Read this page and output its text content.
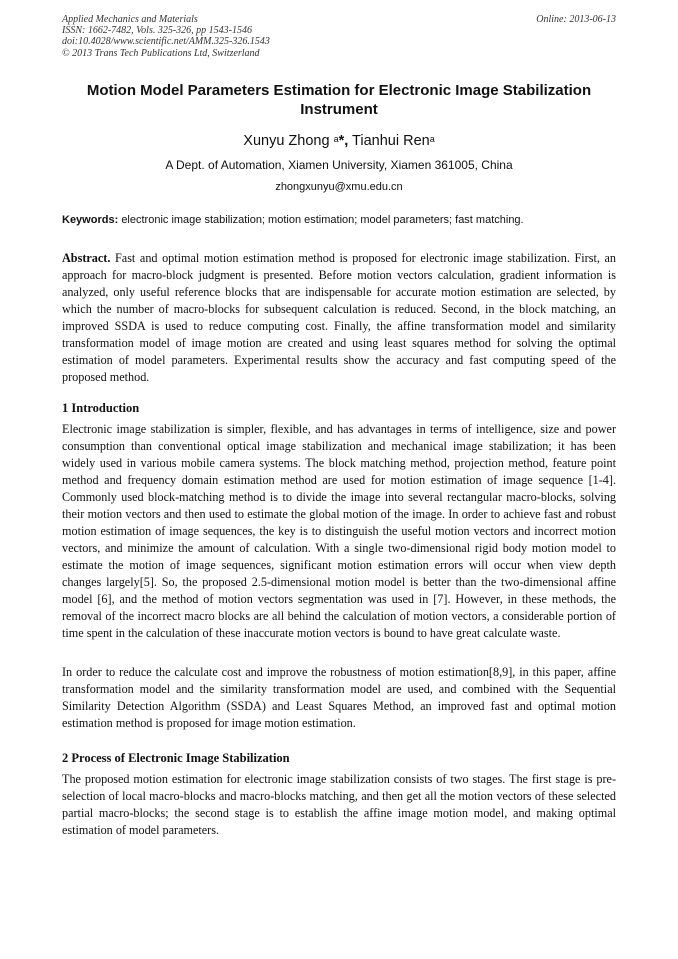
Applied Mechanics and Materials
ISSN: 1662-7482, Vols. 325-326, pp 1543-1546
doi:10.4028/www.scientific.net/AMM.325-326.1543
© 2013 Trans Tech Publications Ltd, Switzerland
Online: 2013-06-13
Motion Model Parameters Estimation for Electronic Image Stabilization Instrument
Xunyu Zhong $^a$*, Tianhui Ren$^a$
A Dept. of Automation, Xiamen University, Xiamen 361005, China
zhongxunyu@xmu.edu.cn
Keywords: electronic image stabilization; motion estimation; model parameters; fast matching.
Abstract. Fast and optimal motion estimation method is proposed for electronic image stabilization. First, an approach for macro-block judgment is presented. Before motion vectors calculation, gradient information is analyzed, only useful reference blocks that are indispensable for accurate motion estimation are selected, by which the number of macro-blocks for subsequent calculation is reduced. Second, in the block matching, an improved SSDA is used to reduce computing cost. Finally, the affine transformation model and similarity transformation model of image motion are created and using least squares method for solving the optimal estimation of model parameters. Experimental results show the accuracy and fast computing speed of the proposed method.
1 Introduction
Electronic image stabilization is simpler, flexible, and has advantages in terms of intelligence, size and power consumption than conventional optical image stabilization and mechanical image stabilization; it has been widely used in various mobile camera systems. The block matching method, projection method, feature point method and frequency domain estimation method are used for motion estimation of image sequence [1-4]. Commonly used block-matching method is to divide the image into several rectangular macro-blocks, solving their motion vectors and then used to estimate the global motion of the image. In order to achieve fast and robust motion estimation of image sequences, the key is to distinguish the useful motion vectors and incorrect motion vectors, and minimize the amount of calculation. With a single two-dimensional rigid body motion model to estimate the motion of image sequences, significant motion estimation errors will occur when view depth changes largely[5]. So, the proposed 2.5-dimensional motion model is better than the two-dimensional affine model [6], and the method of motion vectors segmentation was used in [7]. However, in these methods, the removal of the incorrect macro blocks are all behind the calculation of motion vectors, a considerable portion of time spent in the calculation of these inaccurate motion vectors is bound to have great calculate waste.
In order to reduce the calculate cost and improve the robustness of motion estimation[8,9], in this paper, affine transformation model and the similarity transformation model are used, and combined with the Sequential Similarity Detection Algorithm (SSDA) and Least Squares Method, an improved fast and optimal motion estimation method is proposed for image motion estimation.
2 Process of Electronic Image Stabilization
The proposed motion estimation for electronic image stabilization consists of two stages. The first stage is pre-selection of local macro-blocks and macro-blocks matching, and then get all the motion vectors of these selected partial macro-blocks; the second stage is to establish the affine image motion model, and making optimal estimation of model parameters.
